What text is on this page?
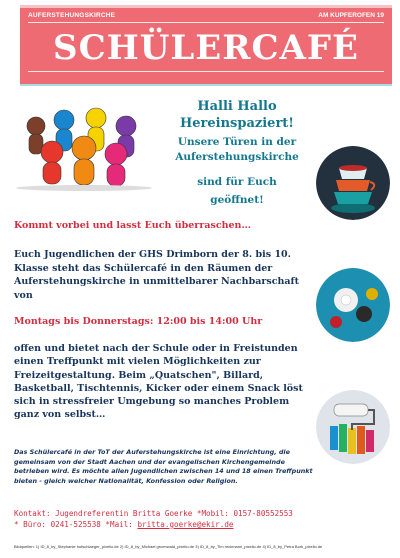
AUFERSTEHUNGSKIRCHE	AM KUPFEROFEN 19
SCHÜLERCAFÉ
Halli Hallo
Hereinspaziert!
Unsere Türen in der
Auferstehungskirche
sind für Euch
geöffnet!
Kommt vorbei und lasst Euch überraschen…
Euch Jugendlichen der GHS Drimborn der 8. bis 10. Klasse steht das Schülercafé in den Räumen der Auferstehungskirche in unmittelbarer Nachbarschaft von
Montags bis Donnerstags: 12:00 bis 14:00 Uhr
offen und bietet nach der Schule oder in Freistunden einen Treffpunkt mit vielen Möglichkeiten zur Freizeitgestaltung. Beim „Quatschen", Billard, Basketball, Tischtennis, Kicker oder einem Snack löst sich in stressfreier Umgebung so manches Problem ganz von selbst…
Das Schülercafé in der ToT der Auferstehungskirche ist eine Einrichtung, die gemeinsam von der Stadt Aachen und der evangelischen Kirchengemeinde betrieben wird. Es möchte allen Jugendlichen zwischen 14 und 18 einen Treffpunkt bieten - gleich welcher Nationalität, Konfession oder Religion.
Kontakt: Jugendreferentin Britta Goerke *Mobil: 0157-80552553
* Büro: 0241-525538 *Mail: britta.goerke@ekir.de
Bildquellen: 1) ID_8_by_Stephanie hofschlaeger_pixelio.de 2) ID_8_by_Michael gruenwald_pixelio.de 3) ID_8_by_Tim reckmann_pixelio.de 4) ID_8_by_Petra Bork_pixelio.de
